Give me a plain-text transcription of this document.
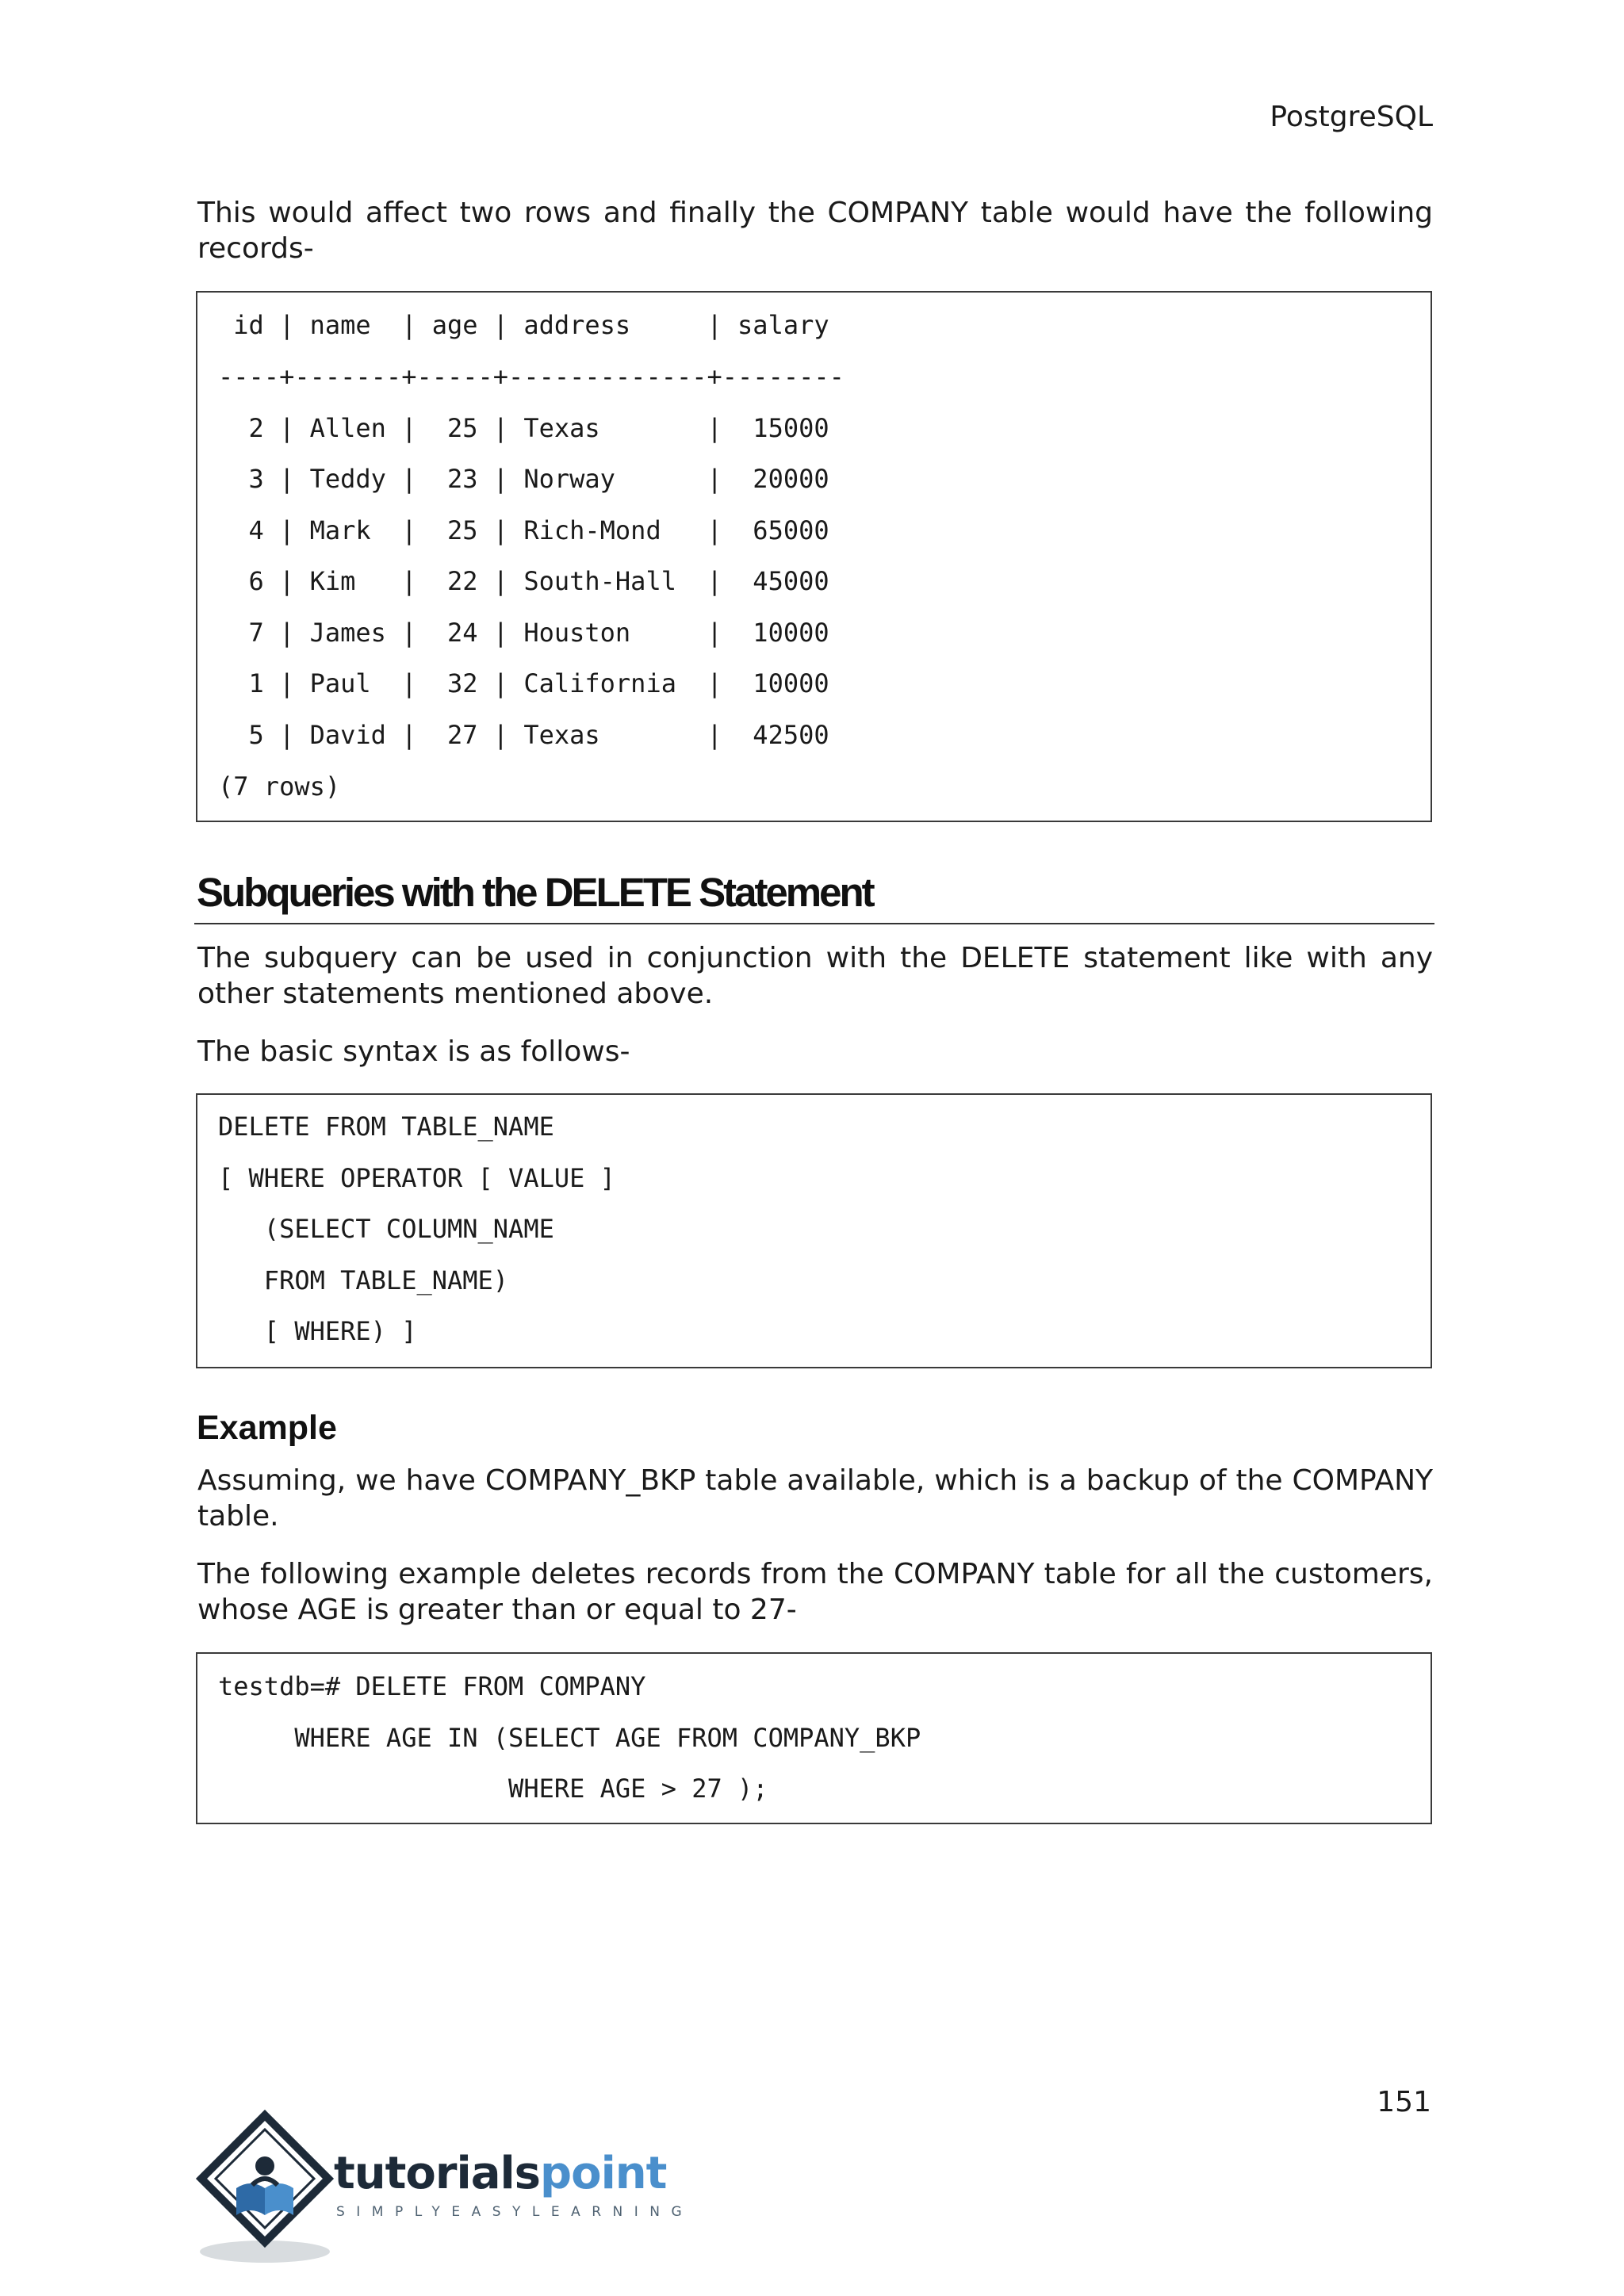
PostgreSQL

This would affect two rows and finally the COMPANY table would have the following records-

id | name  | age | address     | salary
----+-------+-----+-------------+--------
2 | Allen |  25 | Texas       |  15000
3 | Teddy |  23 | Norway      |  20000
4 | Mark  |  25 | Rich-Mond   |  65000
6 | Kim   |  22 | South-Hall  |  45000
7 | James |  24 | Houston     |  10000
1 | Paul  |  32 | California  |  10000
5 | David |  27 | Texas       |  42500
(7 rows)
Subqueries with the DELETE Statement

The subquery can be used in conjunction with the DELETE statement like with any other statements mentioned above.

The basic syntax is as follows-

DELETE FROM TABLE_NAME
[ WHERE OPERATOR [ VALUE ]
(SELECT COLUMN_NAME
FROM TABLE_NAME)
[ WHERE) ]
Example

Assuming, we have COMPANY_BKP table available, which is a backup of the COMPANY table.

The following example deletes records from the COMPANY table for all the customers, whose AGE is greater than or equal to 27-

testdb=# DELETE FROM COMPANY
WHERE AGE IN (SELECT AGE FROM COMPANY_BKP
WHERE AGE > 27 );
151
tutorialspoint
SIMPLYEASYLEARNING
